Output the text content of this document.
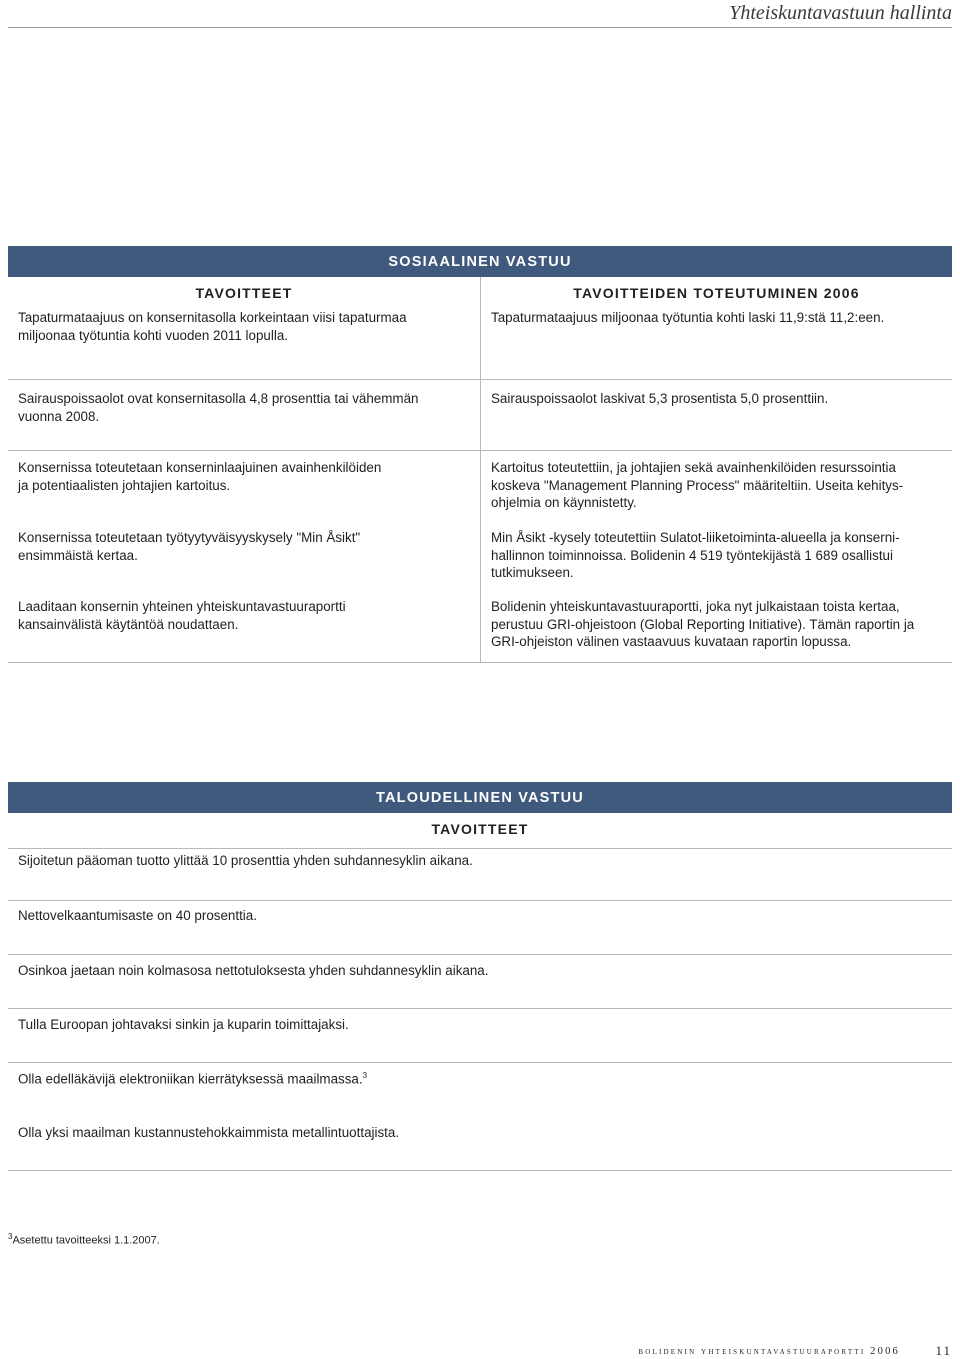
Yhteiskuntavastuun hallinta
SOSIAALINEN VASTUU
TAVOITTEET
Tapaturmataajuus on konsernitasolla korkeintaan viisi tapaturmaa
miljoonaa työtuntia kohti vuoden 2011 lopulla.
TAVOITTEIDEN TOTEUTUMINEN 2006
Tapaturmataajuus miljoonaa työtuntia kohti laski 11,9:stä 11,2:een.
Sairauspoissaolot ovat konsernitasolla 4,8 prosenttia tai vähemmän
vuonna 2008.
Sairauspoissaolot laskivat 5,3 prosentista 5,0 prosenttiin.
Konsernissa toteutetaan konserninlaajuinen avainhenkilöiden
ja potentiaalisten johtajien kartoitus.
Konsernissa toteutetaan työtyytyväisyyskysely "Min Åsikt"
ensimmäistä kertaa.
Laaditaan konsernin yhteinen yhteiskuntavastuuraportti
kansainvälistä käytäntöä noudattaen.
Kartoitus toteutettiin, ja johtajien sekä avainhenkilöiden resurssointia
koskeva "Management Planning Process" määriteltiin. Useita kehitys-
ohjelmia on käynnistetty.
Min Åsikt -kysely toteutettiin Sulatot-liiketoiminta-alueella ja konserni-
hallinnon toiminnoissa. Bolidenin 4 519 työntekijästä 1 689 osallistui
tutkimukseen.
Bolidenin yhteiskuntavastuuraportti, joka nyt julkaistaan toista kertaa,
perustuu GRI-ohjeistoon (Global Reporting Initiative). Tämän raportin ja
GRI-ohjeiston välinen vastaavuus kuvataan raportin lopussa.
TALOUDELLINEN VASTUU
TAVOITTEET
Sijoitetun pääoman tuotto ylittää 10 prosenttia yhden suhdannesyklin aikana.
Nettovelkaantumisaste on 40 prosenttia.
Osinkoa jaetaan noin kolmasosa nettotuloksesta yhden suhdannesyklin aikana.
Tulla Euroopan johtavaksi sinkin ja kuparin toimittajaksi.
Olla edelläkävijä elektroniikan kierrätyksessä maailmassa.$^3$
Olla yksi maailman kustannustehokkaimmista metallintuottajista.
$^3$Asetettu tavoitteeksi 1.1.2007.
bolidenin yhteiskuntavastuuraportti 2006	11
